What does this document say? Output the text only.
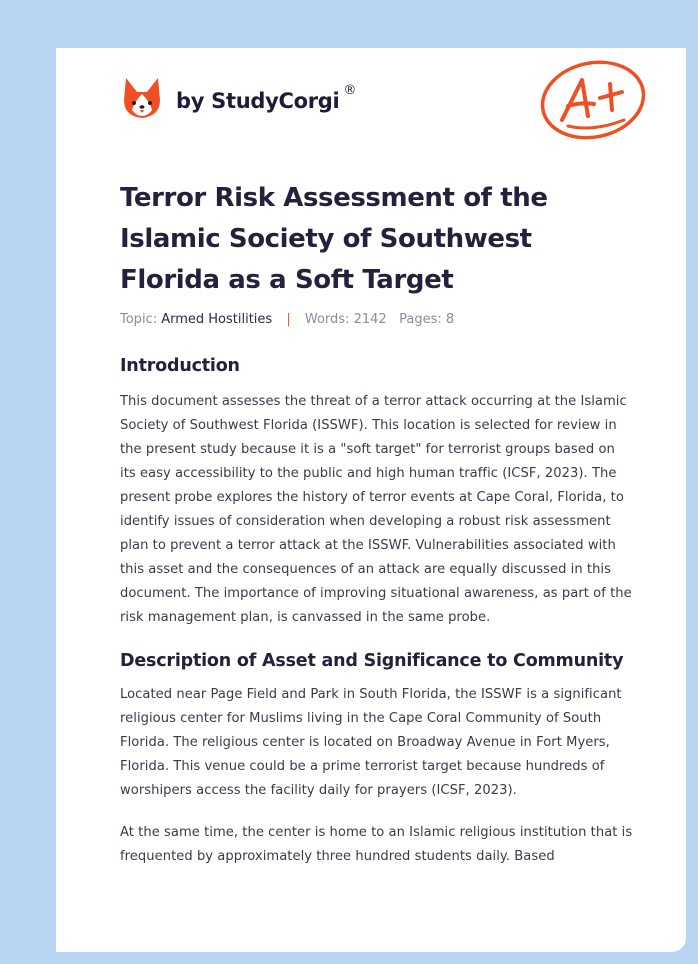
by StudyCorgi ®
Terror Risk Assessment of the Islamic Society of Southwest Florida as a Soft Target
Topic: Armed Hostilities | Words: 2142 Pages: 8
Introduction

This document assesses the threat of a terror attack occurring at the Islamic Society of Southwest Florida (ISSWF). This location is selected for review in the present study because it is a "soft target" for terrorist groups based on its easy accessibility to the public and high human traffic (ICSF, 2023). The present probe explores the history of terror events at Cape Coral, Florida, to identify issues of consideration when developing a robust risk assessment plan to prevent a terror attack at the ISSWF. Vulnerabilities associated with this asset and the consequences of an attack are equally discussed in this document. The importance of improving situational awareness, as part of the risk management plan, is canvassed in the same probe.

Description of Asset and Significance to Community

Located near Page Field and Park in South Florida, the ISSWF is a significant religious center for Muslims living in the Cape Coral Community of South Florida. The religious center is located on Broadway Avenue in Fort Myers, Florida. This venue could be a prime terrorist target because hundreds of worshipers access the facility daily for prayers (ICSF, 2023).

At the same time, the center is home to an Islamic religious institution that is frequented by approximately three hundred students daily. Based
